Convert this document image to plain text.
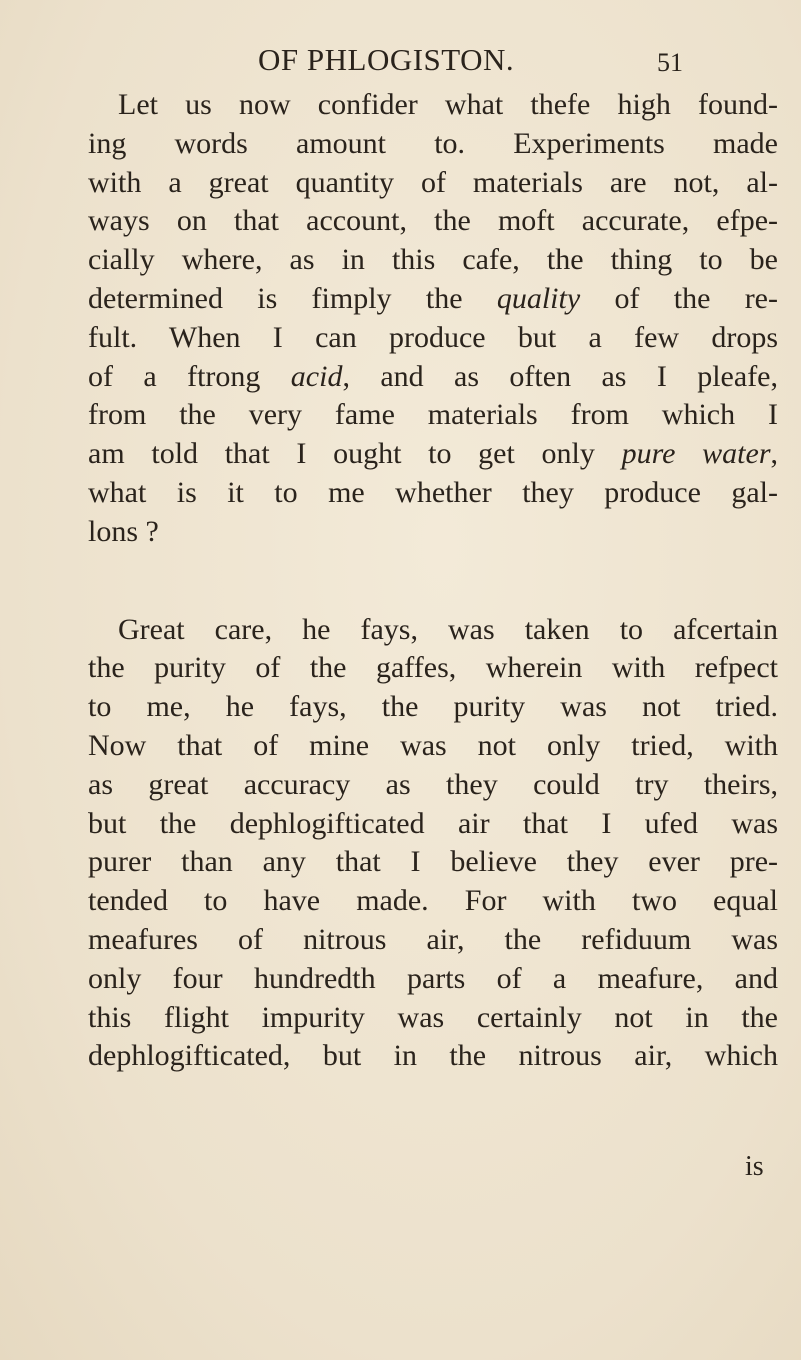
OF PHLOGISTON.	51
Let us now confider what thefe high found-
ing words amount to. Experiments made
with a great quantity of materials are not, al-
ways on that account, the moft accurate, efpe-
cially where, as in this cafe, the thing to be
determined is fimply the quality of the re-
fult. When I can produce but a few drops
of a ftrong acid, and as often as I pleafe,
from the very fame materials from which I
am told that I ought to get only pure water,
what is it to me whether they produce gal-
lons ?
Great care, he fays, was taken to afcertain
the purity of the gaffes, wherein with refpect
to me, he fays, the purity was not tried.
Now that of mine was not only tried, with
as great accuracy as they could try theirs,
but the dephlogifticated air that I ufed was
purer than any that I believe they ever pre-
tended to have made. For with two equal
meafures of nitrous air, the refiduum was
only four hundredth parts of a meafure, and
this flight impurity was certainly not in the
dephlogifticated, but in the nitrous air, which
is
